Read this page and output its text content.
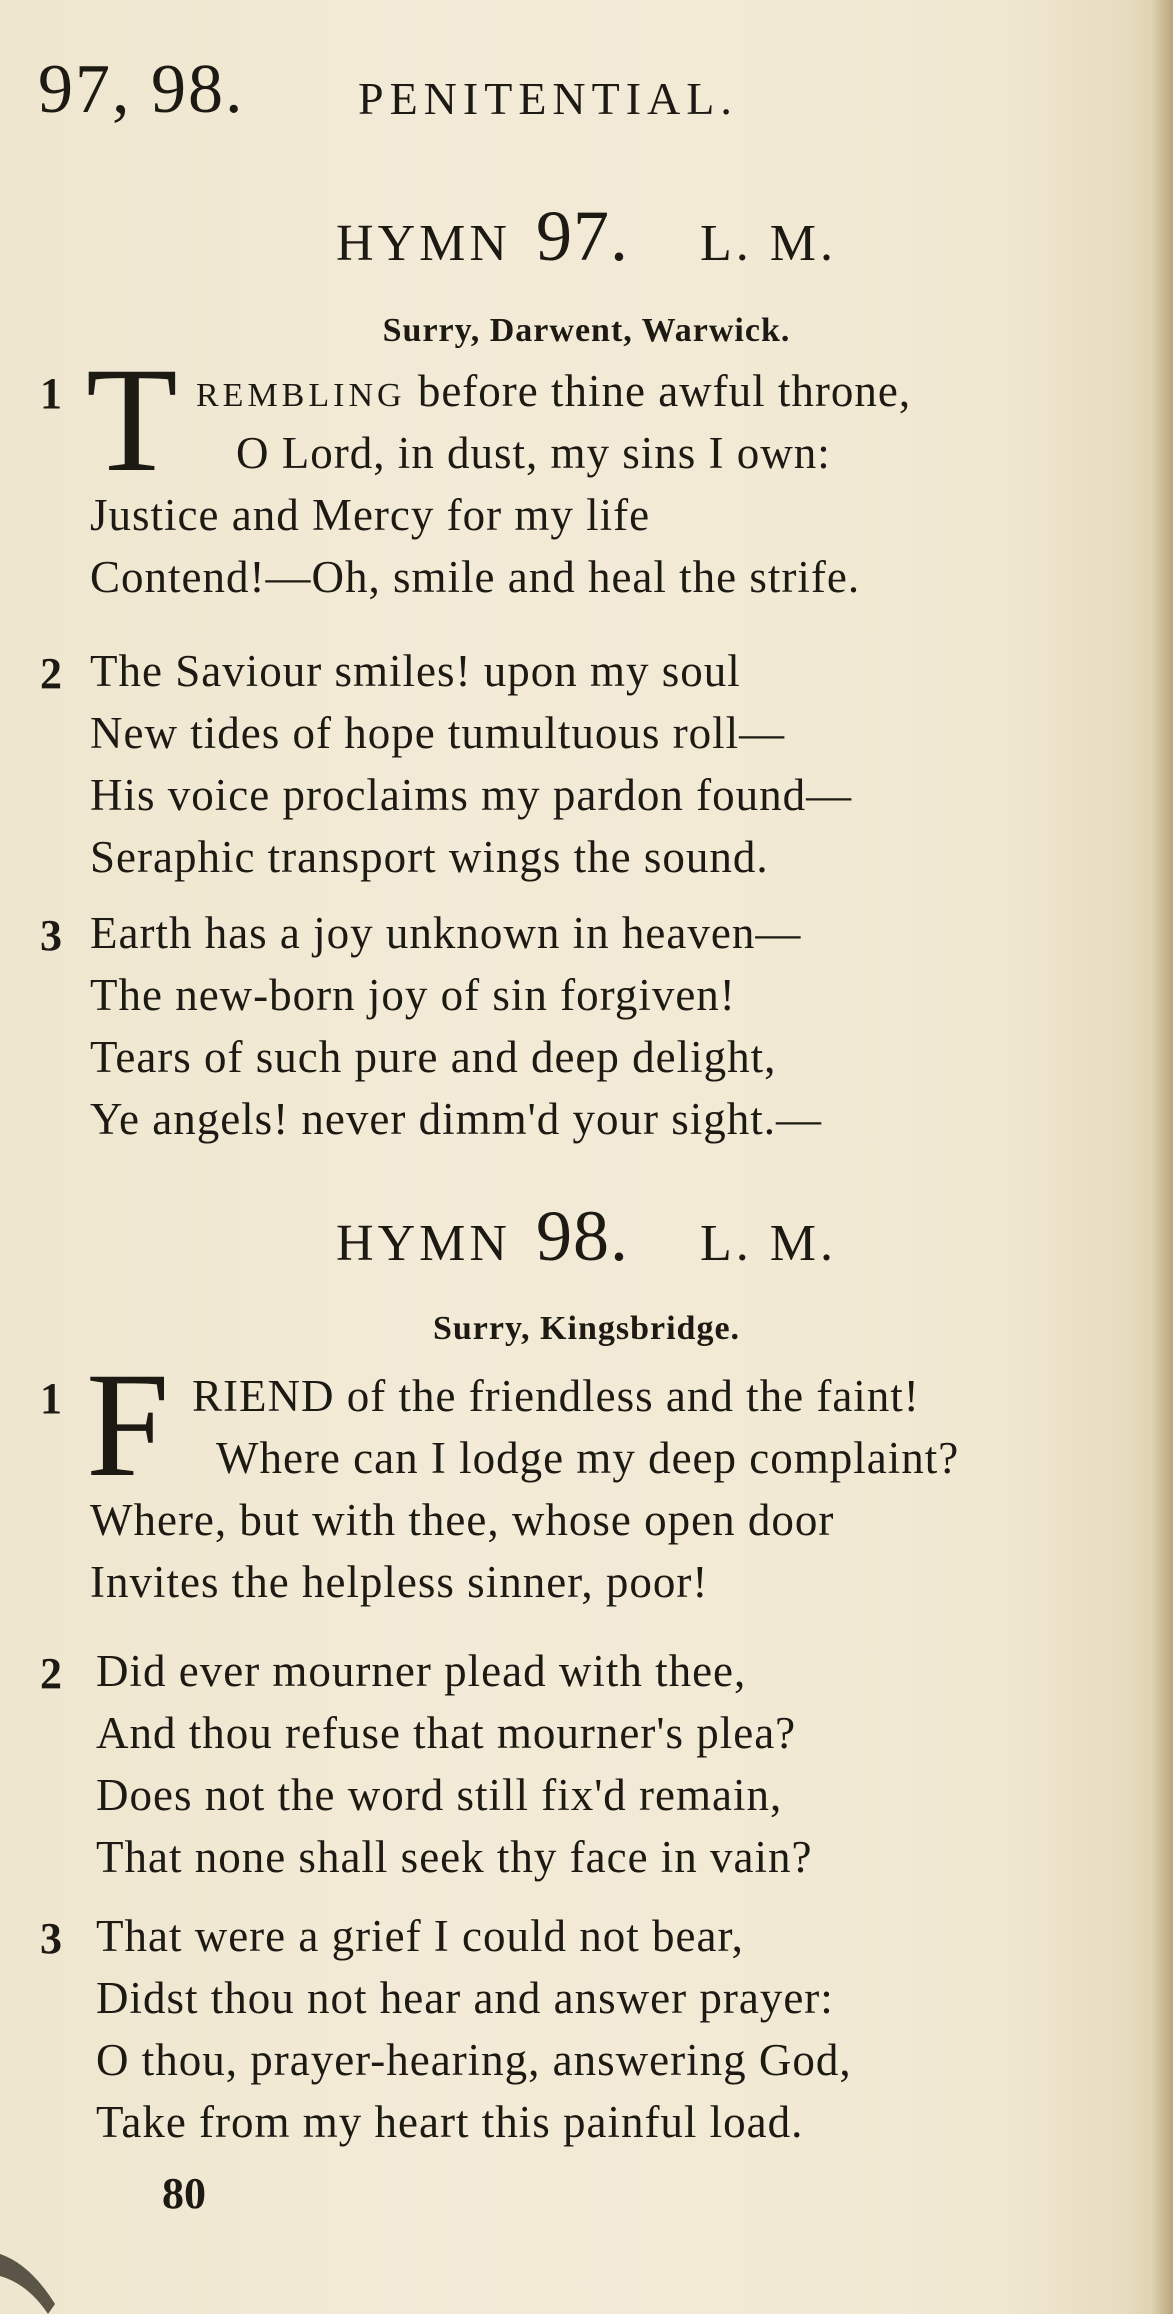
97, 98. PENITENTIAL.
HYMN 97. L. M.
Surry, Darwent, Warwick.
1 T REMBLING before thine awful throne,
O Lord, in dust, my sins I own:
Justice and Mercy for my life
Contend!—Oh, smile and heal the strife.
2 The Saviour smiles! upon my soul
New tides of hope tumultuous roll—
His voice proclaims my pardon found—
Seraphic transport wings the sound.
3 Earth has a joy unknown in heaven—
The new-born joy of sin forgiven!
Tears of such pure and deep delight,
Ye angels! never dimm'd your sight.—
HYMN 98. L. M.
Surry, Kingsbridge.
1 F RIEND of the friendless and the faint!
Where can I lodge my deep complaint?
Where, but with thee, whose open door
Invites the helpless sinner, poor!
2 Did ever mourner plead with thee,
And thou refuse that mourner's plea?
Does not the word still fix'd remain,
That none shall seek thy face in vain?
3 That were a grief I could not bear,
Didst thou not hear and answer prayer:
O thou, prayer-hearing, answering God,
Take from my heart this painful load.
80
